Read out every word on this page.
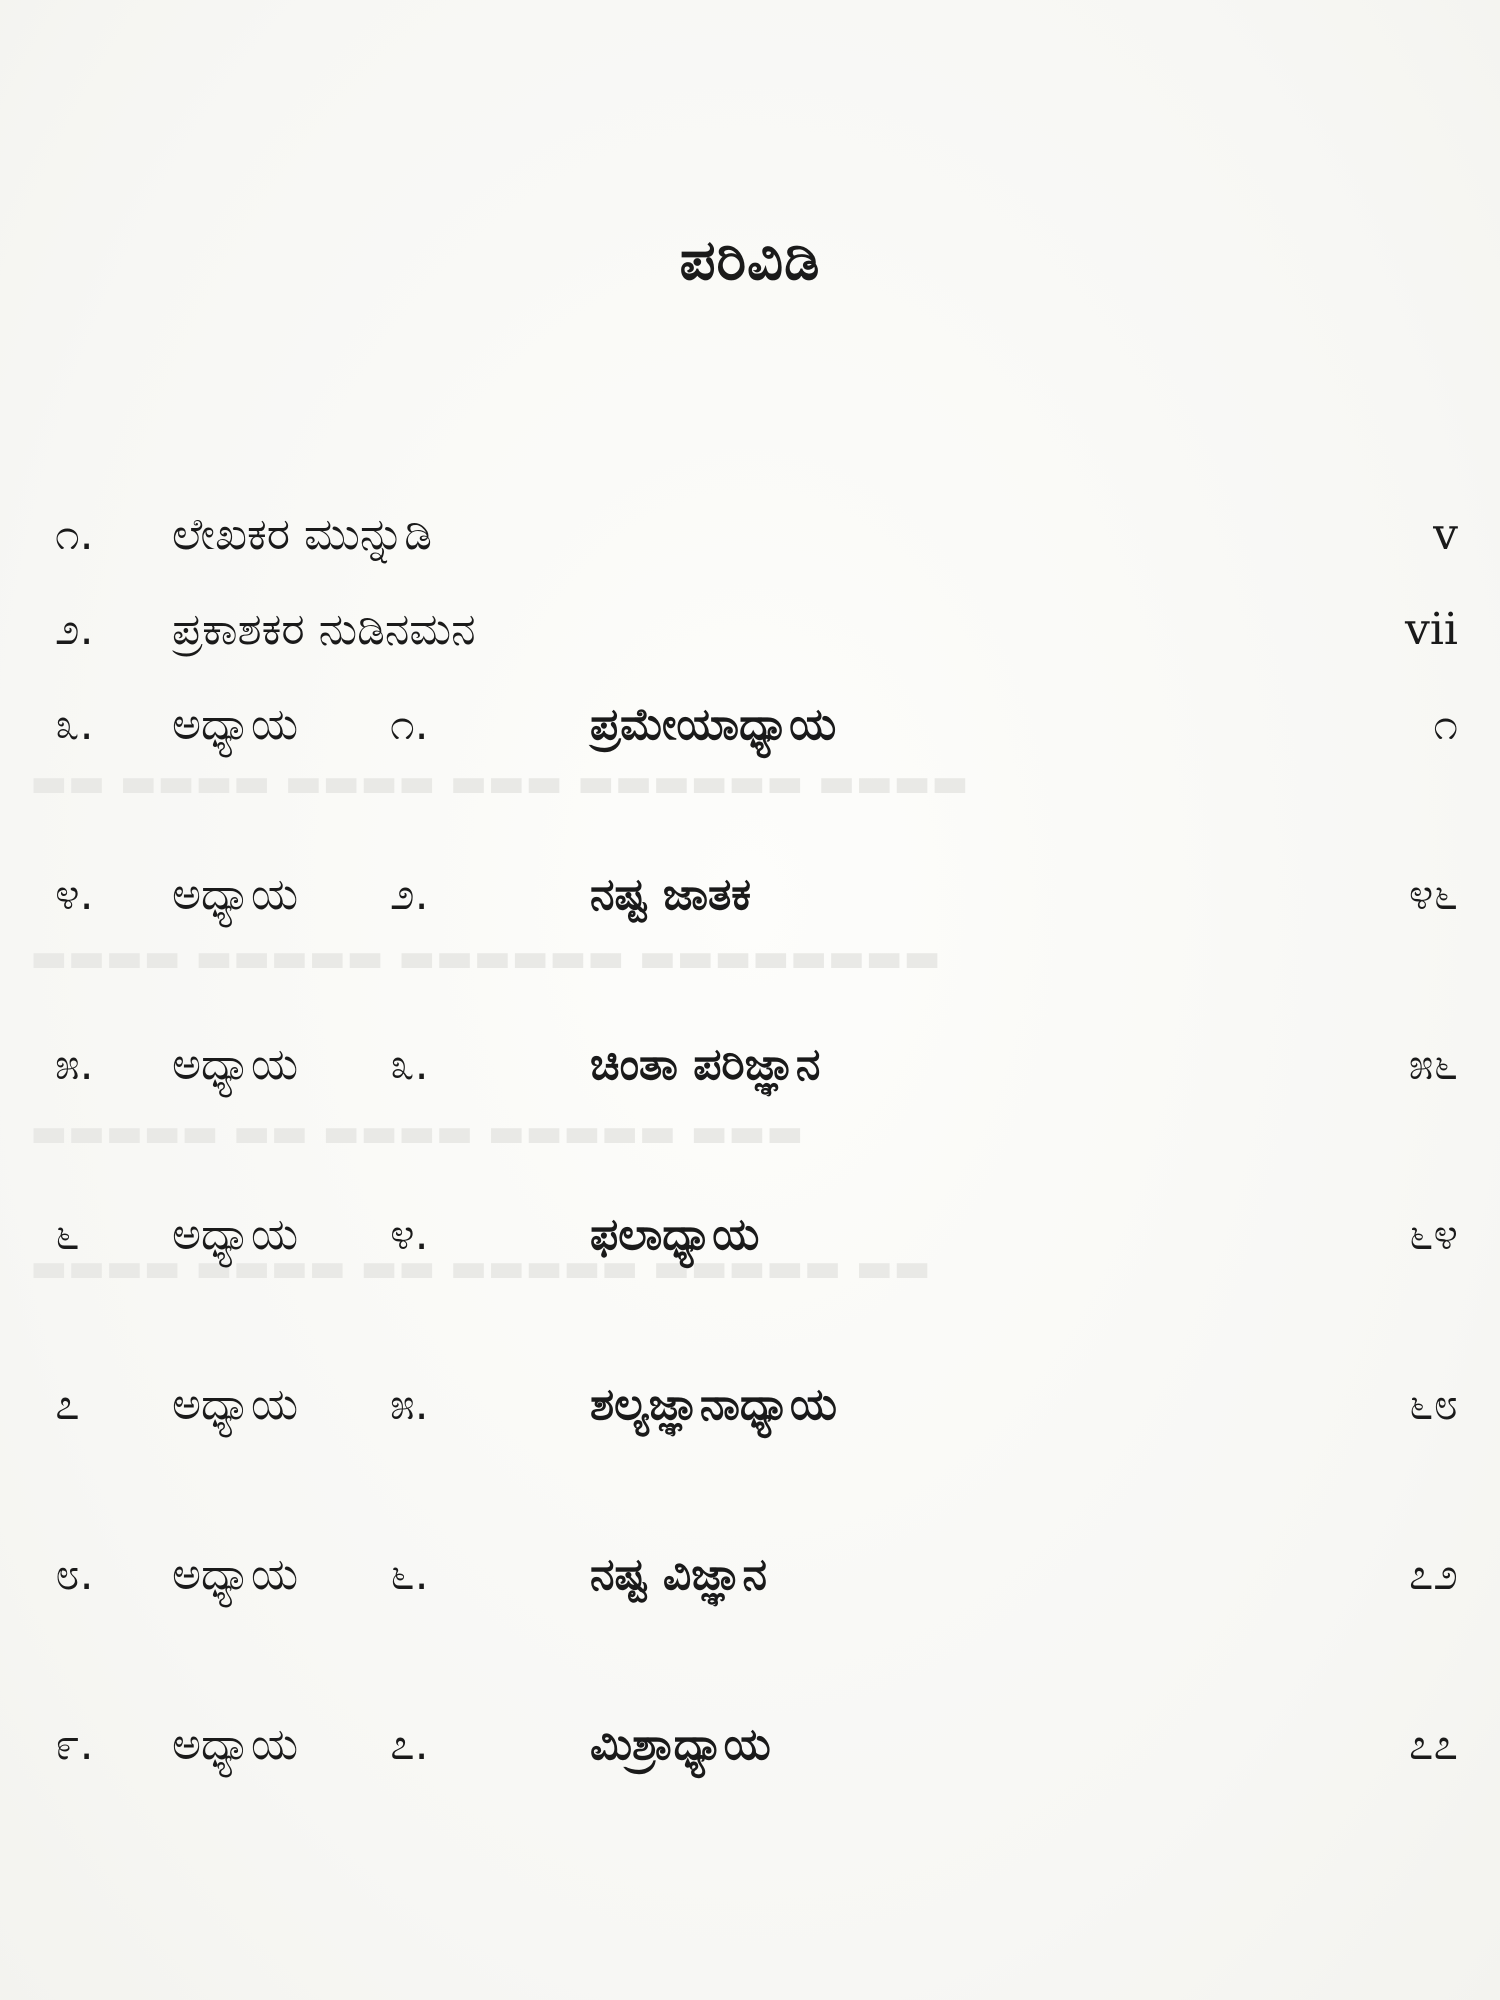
▬▬ ▬▬▬▬ ▬▬▬▬ ▬▬▬ ▬▬▬▬▬▬ ▬▬▬▬
▬▬▬▬ ▬▬▬▬▬ ▬▬▬▬▬▬ ▬▬▬▬▬▬▬▬
▬▬▬▬▬ ▬▬ ▬▬▬▬ ▬▬▬▬▬ ▬▬▬
▬▬▬▬ ▬▬▬▬ ▬▬ ▬▬▬▬▬ ▬▬▬▬▬ ▬▬
ಪರಿವಿಡಿ
೧.	ಲೇಖಕರ ಮುನ್ನುಡಿ	v
೨.	ಪ್ರಕಾಶಕರ ನುಡಿನಮನ	vii
೩.	ಅಧ್ಯಾಯ ೧.	ಪ್ರಮೇಯಾಧ್ಯಾಯ	೧
೪.	ಅಧ್ಯಾಯ ೨.	ನಷ್ಟ ಜಾತಕ	೪೬
೫.	ಅಧ್ಯಾಯ ೩.	ಚಿಂತಾ ಪರಿಜ್ಞಾನ	೫೬
೬	ಅಧ್ಯಾಯ ೪.	ಫಲಾಧ್ಯಾಯ	೬೪
೭	ಅಧ್ಯಾಯ ೫.	ಶಲ್ಯಜ್ಞಾನಾಧ್ಯಾಯ	೬೮
೮.	ಅಧ್ಯಾಯ ೬.	ನಷ್ಟ ವಿಜ್ಞಾನ	೭೨
೯.	ಅಧ್ಯಾಯ ೭.	ಮಿಶ್ರಾಧ್ಯಾಯ	೭೭
